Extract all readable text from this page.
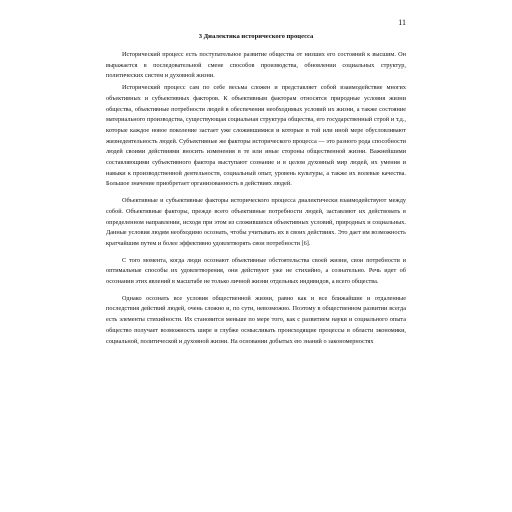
11
3 Диалектика исторического процесса

Исторический процесс есть поступательное развитие общества от низших его состояний к высшим. Он выражается в последовательной смене способов производства, обновлении социальных структур, политических систем и духовной жизни.

Исторический процесс сам по себе весьма сложен и представляет собой взаимодействие многих объективных и субъективных факторов. К объективным факторам относятся природные условия жизни общества, объективные потребности людей в обеспечении необходимых условий их жизни, а также состояние материального производства, существующая социальная структура общества, его государственный строй и т.д., которые каждое новое поколение застает уже сложившимися и которые в той или иной мере обусловливают жизнедеятельность людей. Субъективные же факторы исторического процесса — это разного рода способности людей своими действиями вносить изменения в те или иные стороны общественной жизни. Важнейшими составляющими субъективного фактора выступают сознание и в целом духовный мир людей, их умения и навыки к производственной деятельности, социальный опыт, уровень культуры, а также их волевые качества. Большое значение приобретает организованность в действиях людей.

Объективные и субъективные факторы исторического процесса диалектически взаимодействуют между собой. Объективные факторы, прежде всего объективные потребности людей, заставляют их действовать в определенном направлении, исходя при этом из сложившихся объективных условий, природных и социальных. Данные условия людям необходимо осознать, чтобы учитывать их в своих действиях. Это дает им возможность кратчайшим путем и более эффективно удовлетворять свои потребности [6].

С того момента, когда люди осознают объективные обстоятельства своей жизни, свои потребности и оптимальные способы их удовлетворения, они действуют уже не стихийно, а сознательно. Речь идет об осознании этих явлений в масштабе не только личной жизни отдельных индивидов, а всего общества.

Однако осознать все условия общественной жизни, равно как и все ближайшие и отдаленные последствия действий людей, очень сложно и, по сути, невозможно. Поэтому в общественном развитии всегда есть элементы стихийности. Их становится меньше по мере того, как с развитием науки и социального опыта общество получает возможность шире и глубже осмысливать происходящие процессы в области экономики, социальной, политической и духовной жизни. На основании добытых ею знаний о закономерностях
